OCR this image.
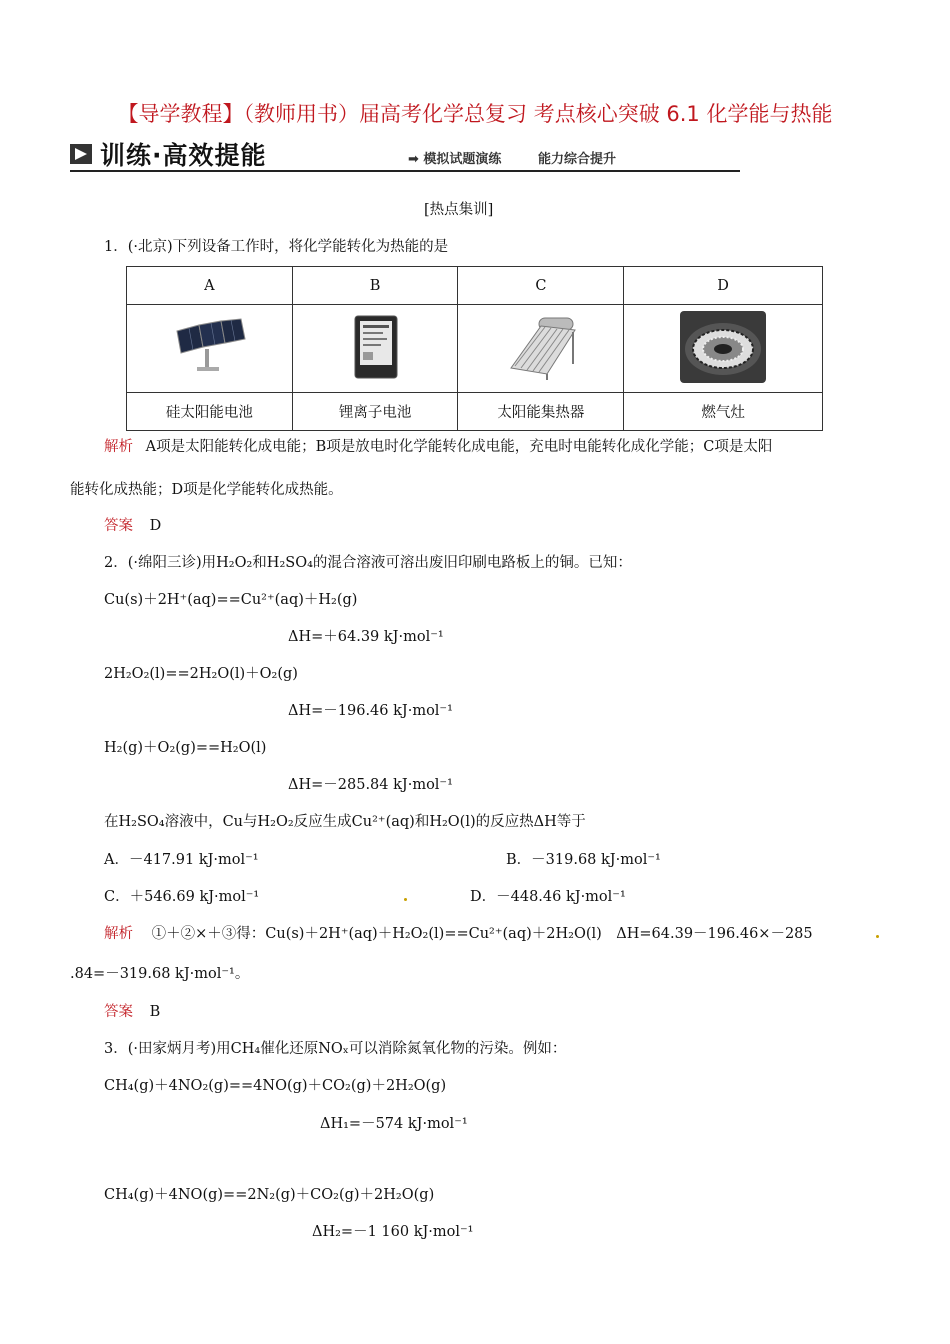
【导学教程】（教师用书）届高考化学总复习 考点核心突破 6.1 化学能与热能
训练·高效提能	➡ 模拟试题演练	能力综合提升
[热点集训]
1．(·北京)下列设备工作时，将化学能转化为热能的是
A	B	C	D

硅太阳能电池	锂离子电池	太阳能集热器	燃气灶
解析 A项是太阳能转化成电能；B项是放电时化学能转化成电能，充电时电能转化成化学能；C项是太阳
能转化成热能；D项是化学能转化成热能。
答案 D
2．(·绵阳三诊)用H₂O₂和H₂SO₄的混合溶液可溶出废旧印刷电路板上的铜。已知：
Cu(s)＋2H⁺(aq)==Cu²⁺(aq)＋H₂(g)
ΔH=＋64.39 kJ·mol⁻¹
2H₂O₂(l)==2H₂O(l)＋O₂(g)
ΔH=－196.46 kJ·mol⁻¹
H₂(g)＋O₂(g)==H₂O(l)
ΔH=－285.84 kJ·mol⁻¹
在H₂SO₄溶液中，Cu与H₂O₂反应生成Cu²⁺(aq)和H₂O(l)的反应热ΔH等于
A．－417.91 kJ·mol⁻¹	B．－319.68 kJ·mol⁻¹
C．＋546.69 kJ·mol⁻¹	D．－448.46 kJ·mol⁻¹
解析 ①＋②×＋③得：Cu(s)＋2H⁺(aq)＋H₂O₂(l)==Cu²⁺(aq)＋2H₂O(l)　ΔH=64.39－196.46×－285
.84=－319.68 kJ·mol⁻¹。
答案 B
3．(·田家炳月考)用CH₄催化还原NOₓ可以消除氮氧化物的污染。例如：
CH₄(g)＋4NO₂(g)==4NO(g)＋CO₂(g)＋2H₂O(g)
ΔH₁=－574 kJ·mol⁻¹
CH₄(g)＋4NO(g)==2N₂(g)＋CO₂(g)＋2H₂O(g)
ΔH₂=－1 160 kJ·mol⁻¹
